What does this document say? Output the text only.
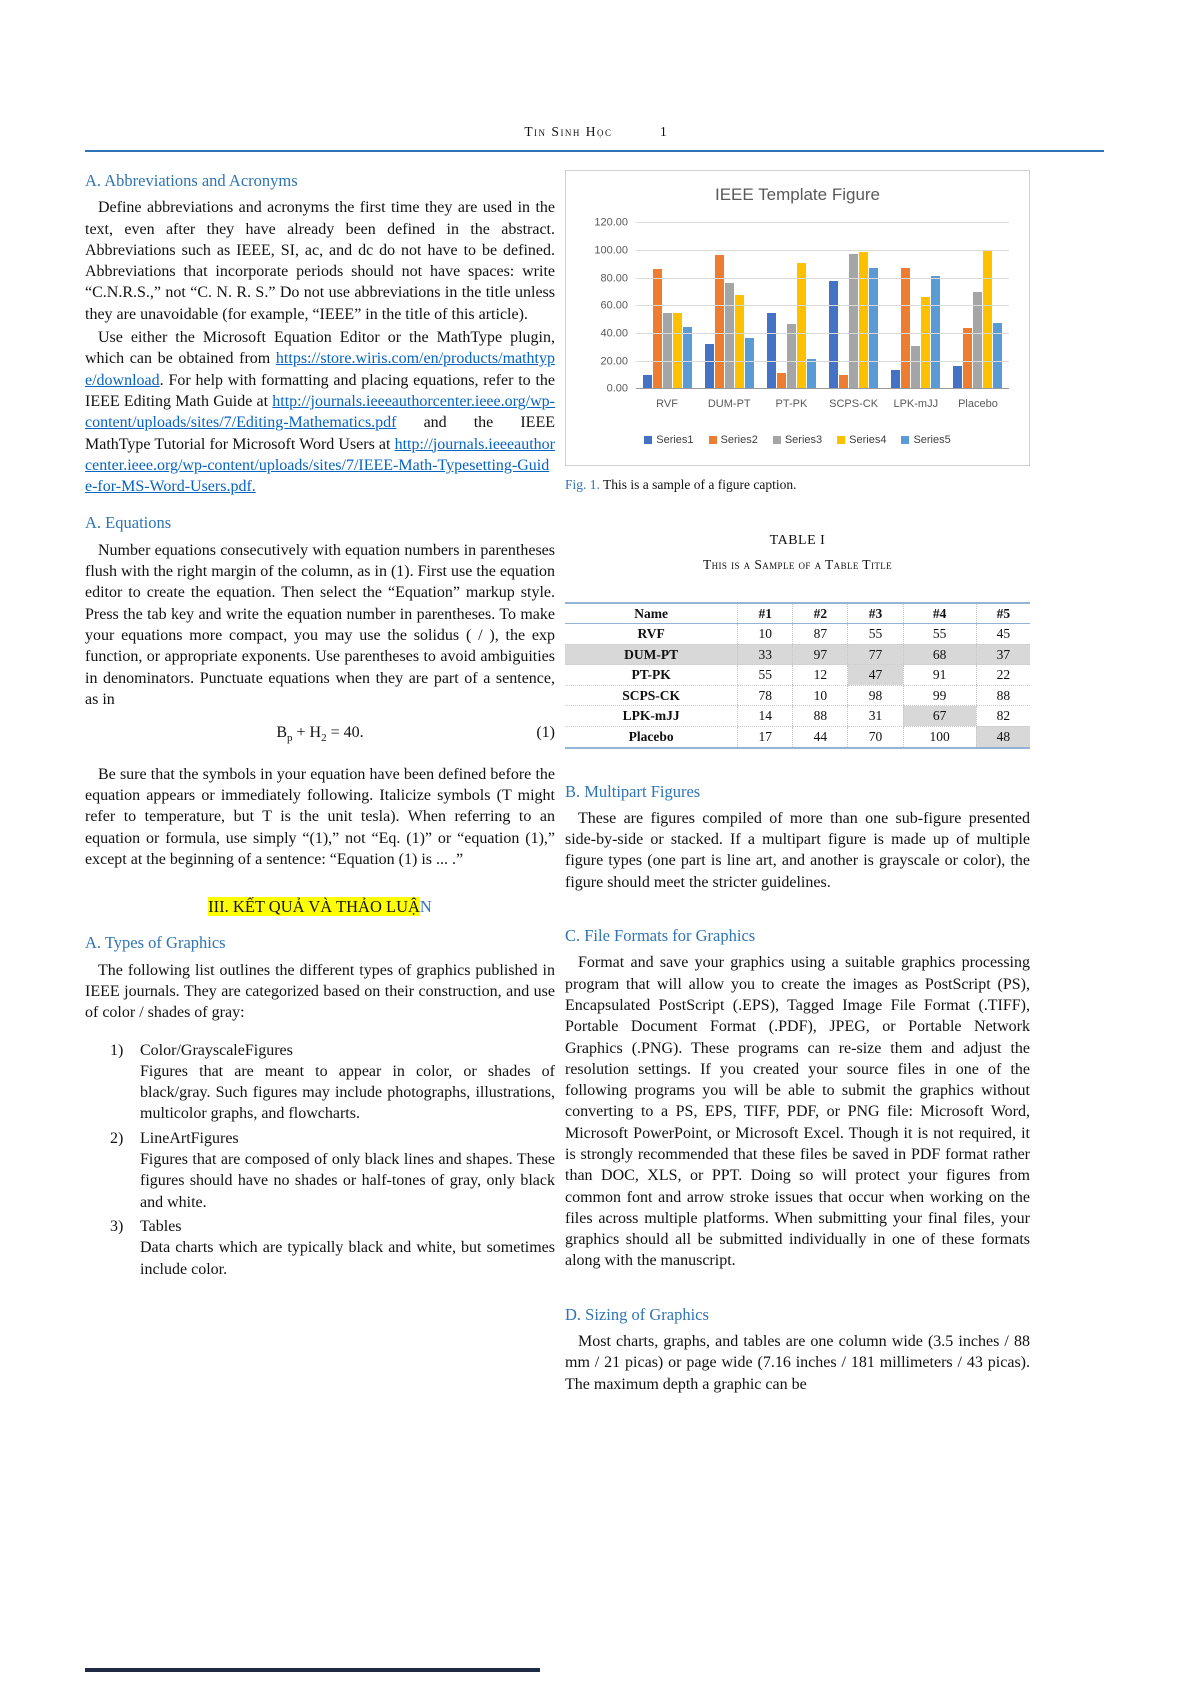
Tin Sinh Học	1
A. Abbreviations and Acronyms

Define abbreviations and acronyms the first time they are used in the text, even after they have already been defined in the abstract. Abbreviations such as IEEE, SI, ac, and dc do not have to be defined. Abbreviations that incorporate periods should not have spaces: write “C.N.R.S.,” not “C. N. R. S.” Do not use abbreviations in the title unless they are unavoidable (for example, “IEEE” in the title of this article).

Use either the Microsoft Equation Editor or the MathType plugin, which can be obtained from https://store.wiris.com/en/products/mathtype/download. For help with formatting and placing equations, refer to the IEEE Editing Math Guide at http://journals.ieeeauthorcenter.ieee.org/wp-content/uploads/sites/7/Editing-Mathematics.pdf and the IEEE MathType Tutorial for Microsoft Word Users at http://journals.ieeeauthorcenter.ieee.org/wp-content/uploads/sites/7/IEEE-Math-Typesetting-Guide-for-MS-Word-Users.pdf.

A. Equations

Number equations consecutively with equation numbers in parentheses flush with the right margin of the column, as in (1). First use the equation editor to create the equation. Then select the “Equation” markup style. Press the tab key and write the equation number in parentheses. To make your equations more compact, you may use the solidus ( / ), the exp function, or appropriate exponents. Use parentheses to avoid ambiguities in denominators. Punctuate equations when they are part of a sentence, as in

$B_p + H_2 = 40$.	(1)

Be sure that the symbols in your equation have been defined before the equation appears or immediately following. Italicize symbols (T might refer to temperature, but T is the unit tesla). When referring to an equation or formula, use simply “(1),” not “Eq. (1)” or “equation (1),” except at the beginning of a sentence: “Equation (1) is ... .”

III. KẾT QUẢ VÀ THẢO LUẬN
A. Types of Graphics

The following list outlines the different types of graphics published in IEEE journals. They are categorized based on their construction, and use of color / shades of gray:

1) Color/GrayscaleFigures
Figures that are meant to appear in color, or shades of black/gray. Such figures may include photographs, illustrations, multicolor graphs, and flowcharts.
2) LineArtFigures
Figures that are composed of only black lines and shapes. These figures should have no shades or half-tones of gray, only black and white.
3) Tables
Data charts which are typically black and white, but sometimes include color.
IEEE Template Figure
0.00
20.00
40.00
60.00
80.00
100.00
120.00
RVF	DUM-PT	PT-PK	SCPS-CK	LPK-mJJ	Placebo
Series1 Series2 Series3 Series4 Series5

Fig. 1. This is a sample of a figure caption.

TABLE I
This is a Sample of a Table Title
Name	#1	#2	#3	#4	#5
RVF	10	87	55	55	45
DUM-PT	33	97	77	68	37
PT-PK	55	12	47	91	22
SCPS-CK	78	10	98	99	88
LPK-mJJ	14	88	31	67	82
Placebo	17	44	70	100	48
B. Multipart Figures

These are figures compiled of more than one sub-figure presented side-by-side or stacked. If a multipart figure is made up of multiple figure types (one part is line art, and another is grayscale or color), the figure should meet the stricter guidelines.

C. File Formats for Graphics

Format and save your graphics using a suitable graphics processing program that will allow you to create the images as PostScript (PS), Encapsulated PostScript (.EPS), Tagged Image File Format (.TIFF), Portable Document Format (.PDF), JPEG, or Portable Network Graphics (.PNG). These programs can re-size them and adjust the resolution settings. If you created your source files in one of the following programs you will be able to submit the graphics without converting to a PS, EPS, TIFF, PDF, or PNG file: Microsoft Word, Microsoft PowerPoint, or Microsoft Excel. Though it is not required, it is strongly recommended that these files be saved in PDF format rather than DOC, XLS, or PPT. Doing so will protect your figures from common font and arrow stroke issues that occur when working on the files across multiple platforms. When submitting your final files, your graphics should all be submitted individually in one of these formats along with the manuscript.

D. Sizing of Graphics

Most charts, graphs, and tables are one column wide (3.5 inches / 88 mm / 21 picas) or page wide (7.16 inches / 181 millimeters / 43 picas). The maximum depth a graphic can be
